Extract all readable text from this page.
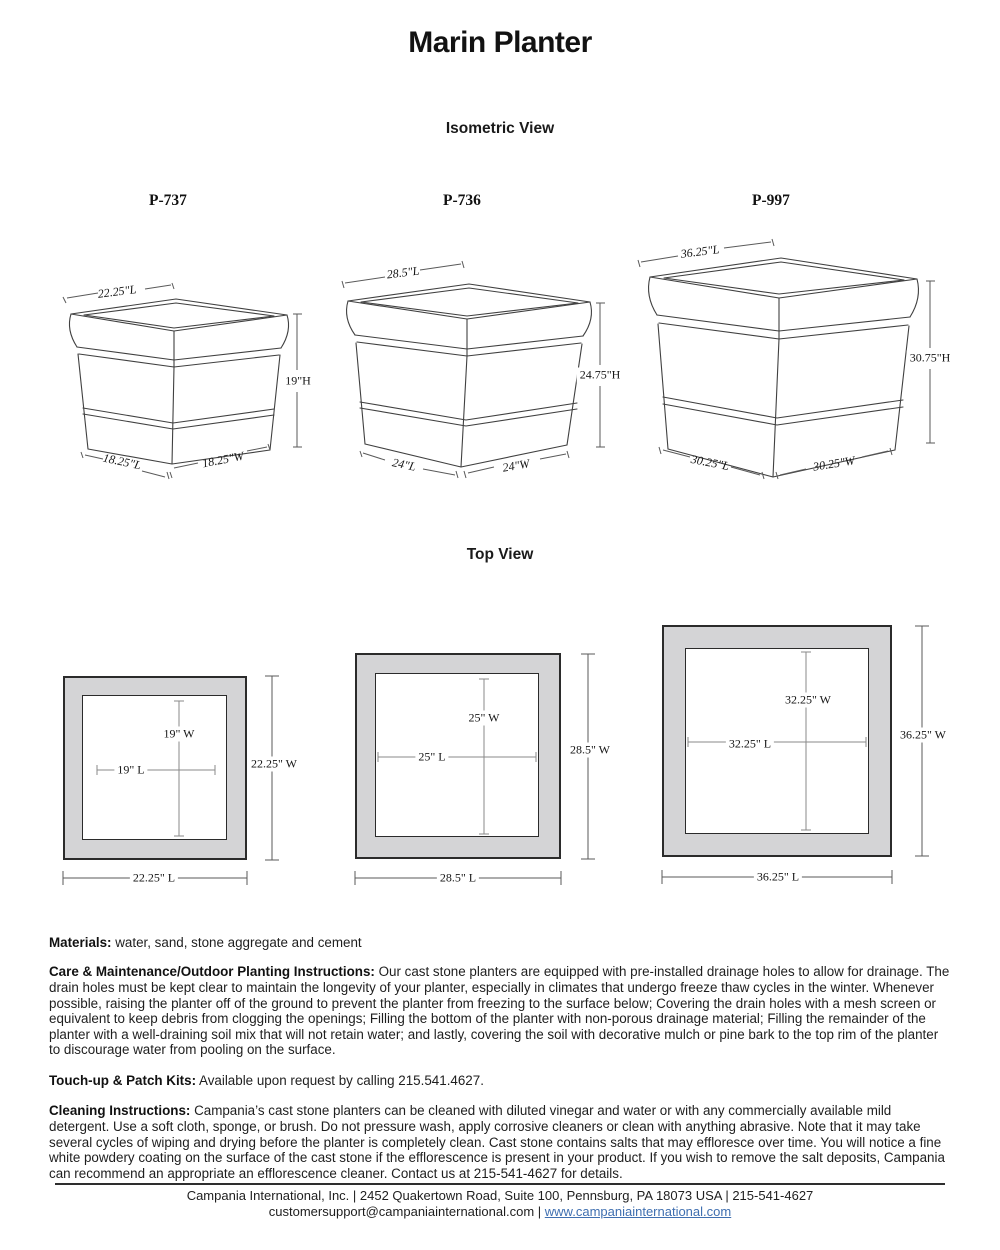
Marin Planter
Isometric View
Top View
P-737	P-736	P-997
22.25"L
19"H
18.25"L	18.25"W
28.5"L
24.75"H
24"L	24"W
36.25"L
30.75"H
30.25"L	30.25"W
19" W
19" L	22.25" W
22.25" L
25" W
25" L	28.5" W
28.5" L
32.25" W
32.25" L
36.25" W
36.25" L

Materials: water, sand, stone aggregate and cement

Care & Maintenance/Outdoor Planting Instructions: Our cast stone planters are equipped with pre-installed drainage holes to allow for drainage. The drain holes must be kept clear to maintain the longevity of your planter, especially in climates that undergo freeze thaw cycles in the winter. Whenever possible, raising the planter off of the ground to prevent the planter from freezing to the surface below; Covering the drain holes with a mesh screen or equivalent to keep debris from clogging the openings; Filling the bottom of the planter with non-porous drainage material; Filling the remainder of the planter with a well-draining soil mix that will not retain water; and lastly, covering the soil with decorative mulch or pine bark to the top rim of the planter to discourage water from pooling on the surface.

Touch-up & Patch Kits: Available upon request by calling 215.541.4627.

Cleaning Instructions: Campania’s cast stone planters can be cleaned with diluted vinegar and water or with any commercially available mild detergent. Use a soft cloth, sponge, or brush. Do not pressure wash, apply corrosive cleaners or clean with anything abrasive. Note that it may take several cycles of wiping and drying before the planter is completely clean. Cast stone contains salts that may effloresce over time. You will notice a fine white powdery coating on the surface of the cast stone if the efflorescence is present in your product. If you wish to remove the salt deposits, Campania can recommend an appropriate an efflorescence cleaner. Contact us at 215-541-4627 for details.

Campania International, Inc. | 2452 Quakertown Road, Suite 100, Pennsburg, PA 18073 USA | 215-541-4627
customersupport@campaniainternational.com | www.campaniainternational.com
